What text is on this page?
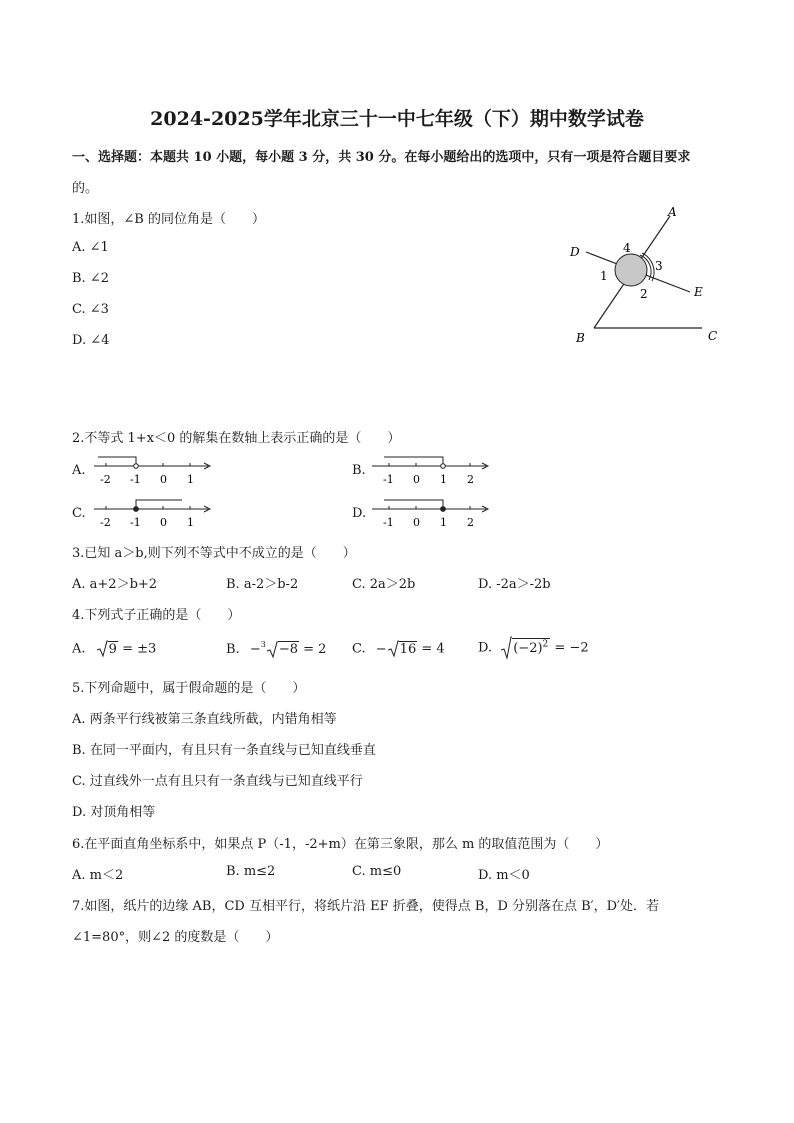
2024-2025学年北京三十一中七年级（下）期中数学试卷
一、选择题：本题共 10 小题，每小题 3 分，共 30 分。在每小题给出的选项中，只有一项是符合题目要求
的。
1.如图，∠B 的同位角是（　　）
A. ∠1
B. ∠2
C. ∠3
D. ∠4
A
D	4
1
3
2	E
B	C
2.不等式 1+x＜0 的解集在数轴上表示正确的是（　　）
A.
-2 -1 0 1
B.
-1 0 1 2
C.
-2 -1 0 1
D.
-1 0 1 2
3.已知 a＞b,则下列不等式中不成立的是（　　）
A. a+2＞b+2	B. a-2＞b-2	C. 2a＞2b	D. -2a＞-2b
4.下列式子正确的是（　　）
A. 9 = ±3	B. −$^3$ −8 = 2 C. − 16 = 4	D. $(-2)^2 = -2$
5.下列命题中，属于假命题的是（　　）
A. 两条平行线被第三条直线所截，内错角相等
B. 在同一平面内，有且只有一条直线与已知直线垂直
C. 过直线外一点有且只有一条直线与已知直线平行
D. 对顶角相等
6.在平面直角坐标系中，如果点 P（-1，-2+m）在第三象限，那么 m 的取值范围为（　　）
A. m＜2	B. m≤2	C. m≤0	D. m＜0
7.如图，纸片的边缘 AB，CD 互相平行，将纸片沿 EF 折叠，使得点 B，D 分别落在点 B′，D′处．若
∠1=80°，则∠2 的度数是（　　）
